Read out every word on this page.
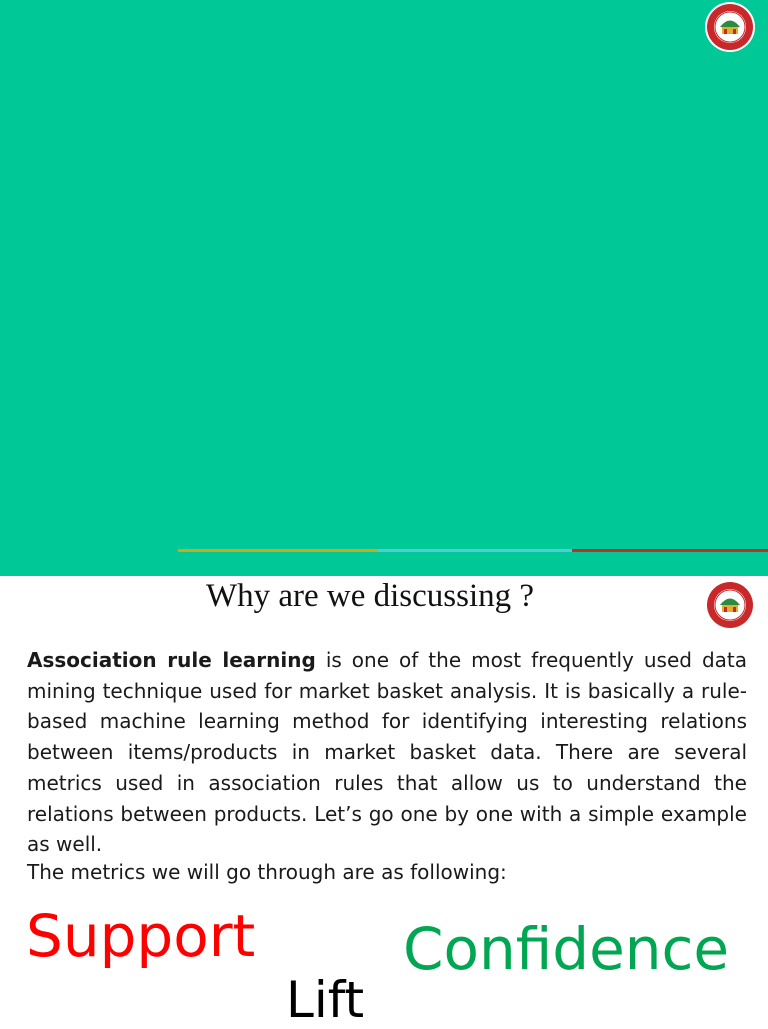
Why are we discussing ?

Association rule learning is one of the most frequently used data mining technique used for market basket analysis. It is basically a rule-based machine learning method for identifying interesting relations between items/products in market basket data. There are several metrics used in association rules that allow us to understand the relations between products. Let’s go one by one with a simple example as well.

The metrics we will go through are as following:

Support	Confidence
Lift
